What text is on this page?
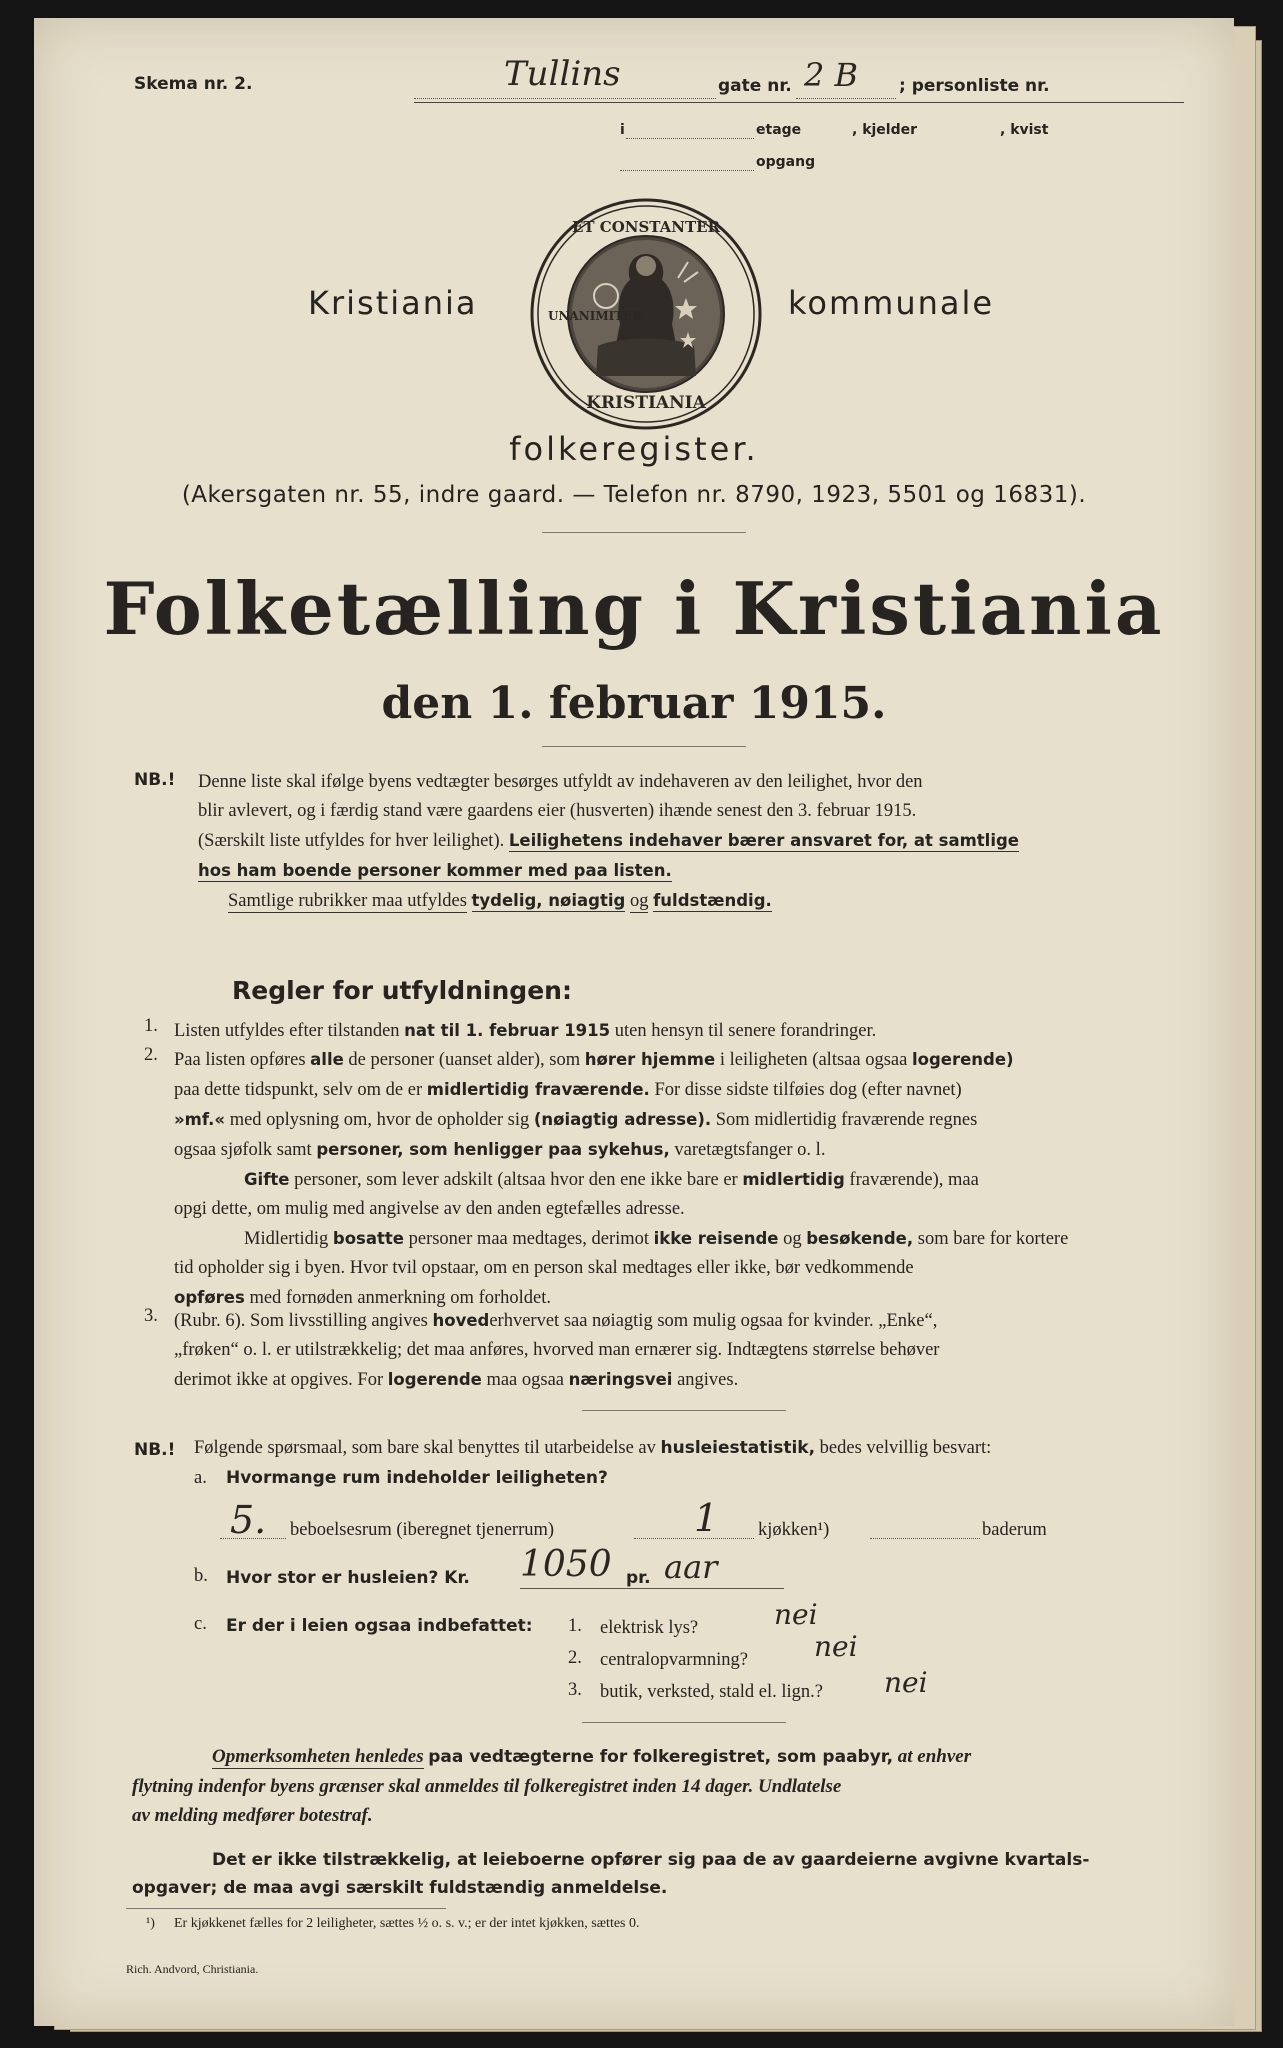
Skema nr. 2.	Tullins	gate nr. 2 B ; personliste nr.
i	etage	, kjelder	, kvist
opgang
Kristiania	kommunale
ET CONSTANTER
KRISTIANIA
UNANIMITER
folkeregister.
(Akersgaten nr. 55, indre gaard. — Telefon nr. 8790, 1923, 5501 og 16831).
Folketælling i Kristiania
den 1. februar 1915.
NB.! Denne liste skal ifølge byens vedtægter besørges utfyldt av indehaveren av den leilighet, hvor den
blir avlevert, og i færdig stand være gaardens eier (husverten) ihænde senest den 3. februar 1915.
(Særskilt liste utfyldes for hver leilighet). Leilighetens indehaver bærer ansvaret for, at samtlige
hos ham boende personer kommer med paa listen.
Samtlige rubrikker maa utfyldes tydelig, nøiagtig og fuldstændig.
Regler for utfyldningen:
1. Listen utfyldes efter tilstanden nat til 1. februar 1915 uten hensyn til senere forandringer.
2. Paa listen opføres alle de personer (uanset alder), som hører hjemme i leiligheten (altsaa ogsaa logerende)
paa dette tidspunkt, selv om de er midlertidig fraværende. For disse sidste tilføies dog (efter navnet)
»mf.« med oplysning om, hvor de opholder sig (nøiagtig adresse). Som midlertidig fraværende regnes
ogsaa sjøfolk samt personer, som henligger paa sykehus, varetægtsfanger o. l.
Gifte personer, som lever adskilt (altsaa hvor den ene ikke bare er midlertidig fraværende), maa
opgi dette, om mulig med angivelse av den anden egtefælles adresse.
Midlertidig bosatte personer maa medtages, derimot ikke reisende og besøkende, som bare for kortere
tid opholder sig i byen. Hvor tvil opstaar, om en person skal medtages eller ikke, bør vedkommende
opføres med fornøden anmerkning om forholdet.
3. (Rubr. 6). Som livsstilling angives hovederhvervet saa nøiagtig som mulig ogsaa for kvinder. „Enke“,
„frøken“ o. l. er utilstrækkelig; det maa anføres, hvorved man ernærer sig. Indtægtens størrelse behøver
derimot ikke at opgives. For logerende maa ogsaa næringsvei angives.
NB.! Følgende spørsmaal, som bare skal benyttes til utarbeidelse av husleiestatistik, bedes velvillig besvart:
a. Hvormange rum indeholder leiligheten?
5. beboelsesrum (iberegnet tjenerrum)	1 kjøkken¹)	baderum
b. Hvor stor er husleien? Kr. 1050 pr. aar
c. Er der i leien ogsaa indbefattet: 1. elektrisk lys?	nei
2. centralopvarmning? nei
3. butik, verksted, stald el. lign.? nei
Opmerksomheten henledes paa vedtægterne for folkeregistret, som paabyr, at enhver
flytning indenfor byens grænser skal anmeldes til folkeregistret inden 14 dager. Undlatelse
av melding medfører botestraf.
Det er ikke tilstrækkelig, at leieboerne opfører sig paa de av gaardeierne avgivne kvartals-
opgaver; de maa avgi særskilt fuldstændig anmeldelse.
¹) Er kjøkkenet fælles for 2 leiligheter, sættes ½ o. s. v.; er der intet kjøkken, sættes 0.
Rich. Andvord, Christiania.
